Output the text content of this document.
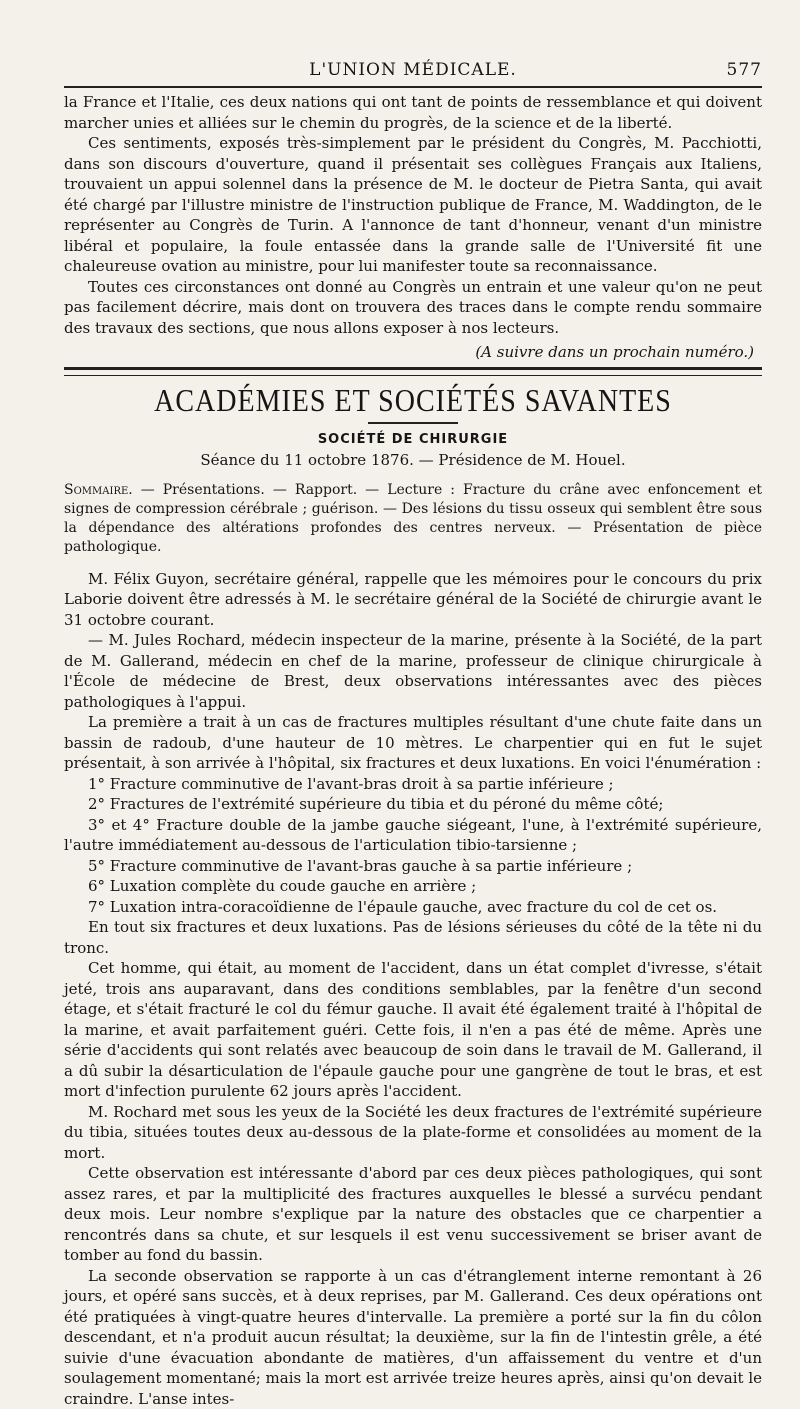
L'UNION MÉDICALE.	577

la France et l'Italie, ces deux nations qui ont tant de points de ressemblance et qui doivent marcher unies et alliées sur le chemin du progrès, de la science et de la liberté.

Ces sentiments, exposés très-simplement par le président du Congrès, M. Pacchiotti, dans son discours d'ouverture, quand il présentait ses collègues Français aux Italiens, trouvaient un appui solennel dans la présence de M. le docteur de Pietra Santa, qui avait été chargé par l'illustre ministre de l'instruction publique de France, M. Waddington, de le représenter au Congrès de Turin. A l'annonce de tant d'honneur, venant d'un ministre libéral et populaire, la foule entassée dans la grande salle de l'Université fit une chaleureuse ovation au ministre, pour lui manifester toute sa reconnaissance.

Toutes ces circonstances ont donné au Congrès un entrain et une valeur qu'on ne peut pas facilement décrire, mais dont on trouvera des traces dans le compte rendu sommaire des travaux des sections, que nous allons exposer à nos lecteurs.

(A suivre dans un prochain numéro.)
ACADÉMIES ET SOCIÉTÉS SAVANTES
SOCIÉTÉ DE CHIRURGIE
Séance du 11 octobre 1876. — Présidence de M. Houel.
Sommaire. — Présentations. — Rapport. — Lecture : Fracture du crâne avec enfoncement et signes de compression cérébrale ; guérison. — Des lésions du tissu osseux qui semblent être sous la dépendance des altérations profondes des centres nerveux. — Présentation de pièce pathologique.

M. Félix Guyon, secrétaire général, rappelle que les mémoires pour le concours du prix Laborie doivent être adressés à M. le secrétaire général de la Société de chirurgie avant le 31 octobre courant.

— M. Jules Rochard, médecin inspecteur de la marine, présente à la Société, de la part de M. Gallerand, médecin en chef de la marine, professeur de clinique chirurgicale à l'École de médecine de Brest, deux observations intéressantes avec des pièces pathologiques à l'appui.

La première a trait à un cas de fractures multiples résultant d'une chute faite dans un bassin de radoub, d'une hauteur de 10 mètres. Le charpentier qui en fut le sujet présentait, à son arrivée à l'hôpital, six fractures et deux luxations. En voici l'énumération :

1° Fracture comminutive de l'avant-bras droit à sa partie inférieure ;

2° Fractures de l'extrémité supérieure du tibia et du péroné du même côté;

3° et 4° Fracture double de la jambe gauche siégeant, l'une, à l'extrémité supérieure, l'autre immédiatement au-dessous de l'articulation tibio-tarsienne ;

5° Fracture comminutive de l'avant-bras gauche à sa partie inférieure ;

6° Luxation complète du coude gauche en arrière ;

7° Luxation intra-coracoïdienne de l'épaule gauche, avec fracture du col de cet os.

En tout six fractures et deux luxations. Pas de lésions sérieuses du côté de la tête ni du tronc.

Cet homme, qui était, au moment de l'accident, dans un état complet d'ivresse, s'était jeté, trois ans auparavant, dans des conditions semblables, par la fenêtre d'un second étage, et s'était fracturé le col du fémur gauche. Il avait été également traité à l'hôpital de la marine, et avait parfaitement guéri. Cette fois, il n'en a pas été de même. Après une série d'accidents qui sont relatés avec beaucoup de soin dans le travail de M. Gallerand, il a dû subir la désarticulation de l'épaule gauche pour une gangrène de tout le bras, et est mort d'infection purulente 62 jours après l'accident.

M. Rochard met sous les yeux de la Société les deux fractures de l'extrémité supérieure du tibia, situées toutes deux au-dessous de la plate-forme et consolidées au moment de la mort.

Cette observation est intéressante d'abord par ces deux pièces pathologiques, qui sont assez rares, et par la multiplicité des fractures auxquelles le blessé a survécu pendant deux mois. Leur nombre s'explique par la nature des obstacles que ce charpentier a rencontrés dans sa chute, et sur lesquels il est venu successivement se briser avant de tomber au fond du bassin.

La seconde observation se rapporte à un cas d'étranglement interne remontant à 26 jours, et opéré sans succès, et à deux reprises, par M. Gallerand. Ces deux opérations ont été pratiquées à vingt-quatre heures d'intervalle. La première a porté sur la fin du côlon descendant, et n'a produit aucun résultat; la deuxième, sur la fin de l'intestin grêle, a été suivie d'une évacuation abondante de matières, d'un affaissement du ventre et d'un soulagement momentané; mais la mort est arrivée treize heures après, ainsi qu'on devait le craindre. L'anse intes-
